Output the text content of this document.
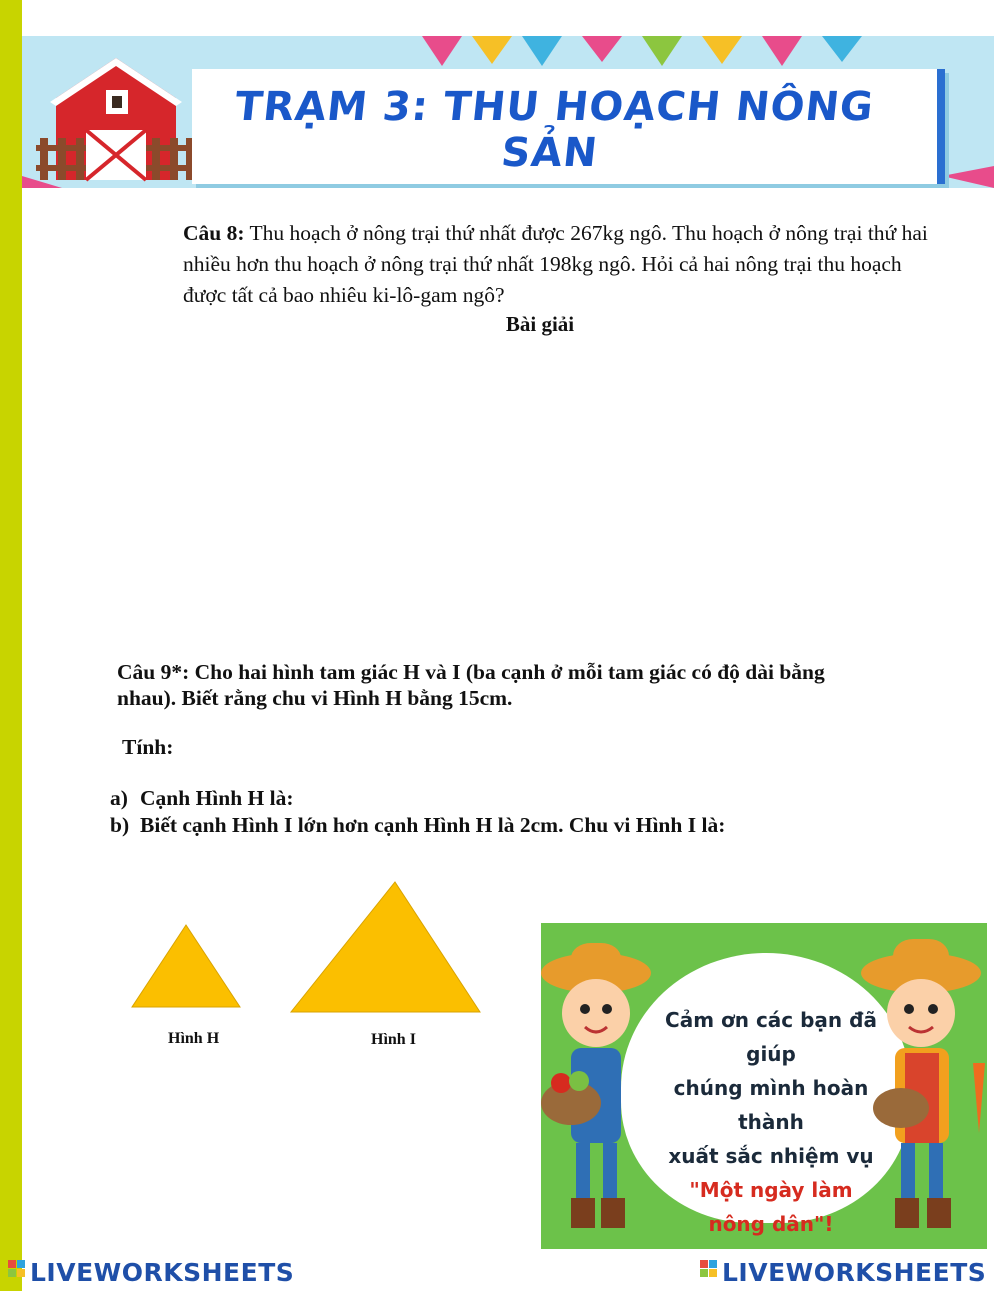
TRẠM 3: THU HOẠCH NÔNG SẢN
Câu 8: Thu hoạch ở nông trại thứ nhất được 267kg ngô. Thu hoạch ở nông trại thứ hai nhiều hơn thu hoạch ở nông trại thứ nhất 198kg ngô. Hỏi cả hai nông trại thu hoạch được tất cả bao nhiêu ki-lô-gam ngô?
Bài giải
Câu 9*: Cho hai hình tam giác H và I (ba cạnh ở mỗi tam giác có độ dài bằng nhau). Biết rằng chu vi Hình H bằng 15cm.
Tính:
a) Cạnh Hình H là:
b) Biết cạnh Hình I lớn hơn cạnh Hình H là 2cm. Chu vi Hình I là:
Hình H	Hình I
Cảm ơn các bạn đã giúp
chúng mình hoàn thành
xuất sắc nhiệm vụ
"Một ngày làm
nông dân"!
LIVEWORKSHEETS	LIVEWORKSHEETS
